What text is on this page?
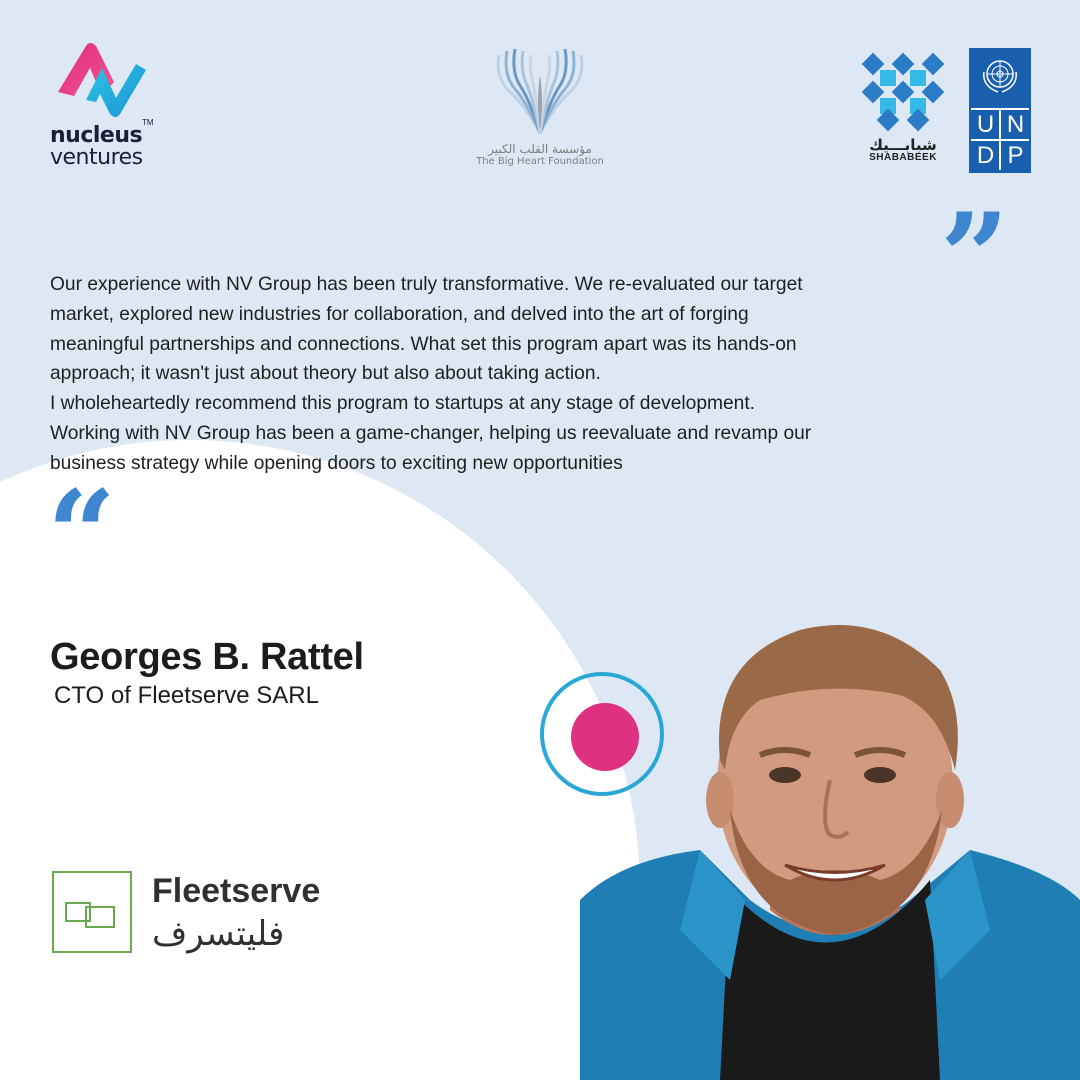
TM
nucleus
ventures	مؤسسة القلب الكبير
The Big Heart Foundation
شبابـــيك
SHABABEEK
U N
D P
”
“
Our experience with NV Group has been truly transformative. We re-evaluated our target
market, explored new industries for collaboration, and delved into the art of forging
meaningful partnerships and connections. What set this program apart was its hands-on
approach; it wasn't just about theory but also about taking action.
I wholeheartedly recommend this program to startups at any stage of development.
Working with NV Group has been a game-changer, helping us reevaluate and revamp our
business strategy while opening doors to exciting new opportunities
Georges B. Rattel
CTO of Fleetserve SARL
Fleetserve
فليتسرف
